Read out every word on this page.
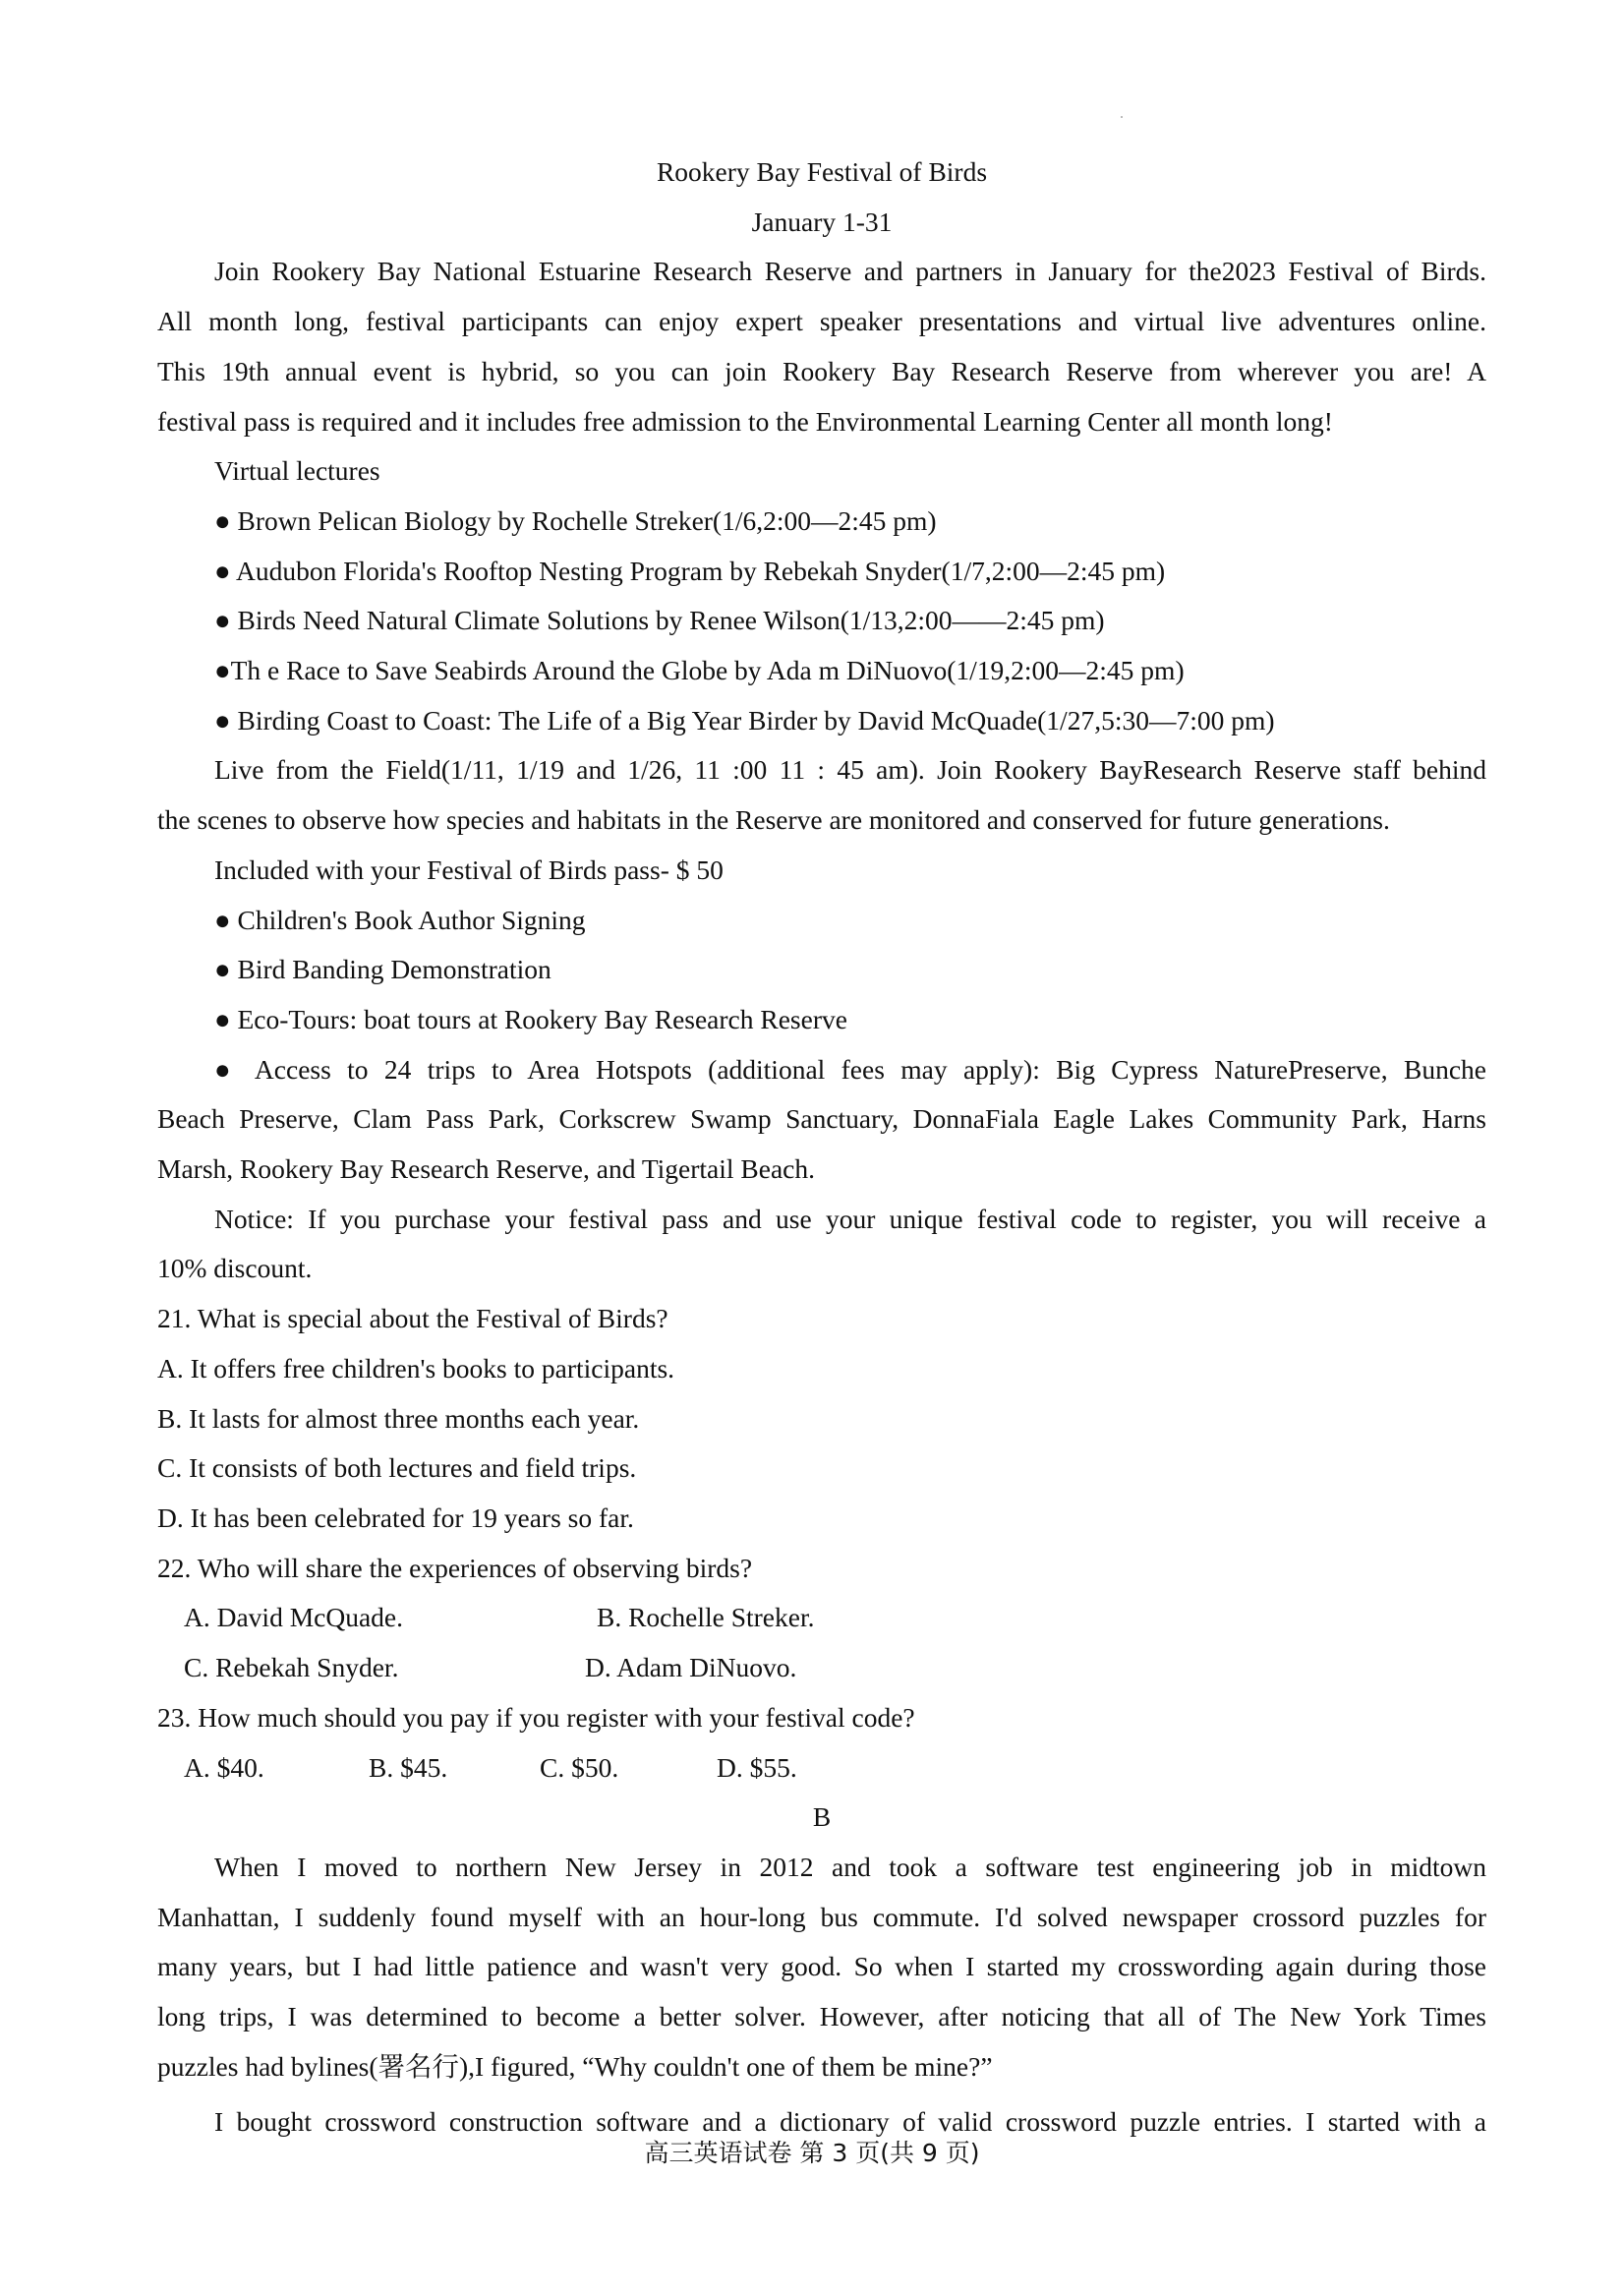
Rookery Bay Festival of Birds
January 1-31
Join Rookery Bay National Estuarine Research Reserve and partners in January for the2023 Festival of Birds.
All month long, festival participants can enjoy expert speaker presentations and virtual live adventures online.
This 19th annual event is hybrid, so you can join Rookery Bay Research Reserve from wherever you are! A
festival pass is required and it includes free admission to the Environmental Learning Center all month long!
Virtual lectures
● Brown Pelican Biology by Rochelle Streker(1/6,2:00—2:45 pm)
● Audubon Florida's Rooftop Nesting Program by Rebekah Snyder(1/7,2:00—2:45 pm)
● Birds Need Natural Climate Solutions by Renee Wilson(1/13,2:00——2:45 pm)
●Th e Race to Save Seabirds Around the Globe by Ada m DiNuovo(1/19,2:00—2:45 pm)
● Birding Coast to Coast: The Life of a Big Year Birder by David McQuade(1/27,5:30—7:00 pm)
Live from the Field(1/11, 1/19 and 1/26, 11 :00 11 : 45 am). Join Rookery BayResearch Reserve staff behind
the scenes to observe how species and habitats in the Reserve are monitored and conserved for future generations.
Included with your Festival of Birds pass- $ 50
● Children's Book Author Signing
● Bird Banding Demonstration
● Eco-Tours: boat tours at Rookery Bay Research Reserve
● Access to 24 trips to Area Hotspots (additional fees may apply): Big Cypress NaturePreserve, Bunche
Beach Preserve, Clam Pass Park, Corkscrew Swamp Sanctuary, DonnaFiala Eagle Lakes Community Park, Harns
Marsh, Rookery Bay Research Reserve, and Tigertail Beach.
Notice: If you purchase your festival pass and use your unique festival code to register, you will receive a
10% discount.
21. What is special about the Festival of Birds?
A. It offers free children's books to participants.
B. It lasts for almost three months each year.
C. It consists of both lectures and field trips.
D. It has been celebrated for 19 years so far.
22. Who will share the experiences of observing birds?
A. David McQuade.	B. Rochelle Streker.
C. Rebekah Snyder.	D. Adam DiNuovo.
23. How much should you pay if you register with your festival code?
A. $40.	B. $45.	C. $50.	D. $55.
B
When I moved to northern New Jersey in 2012 and took a software test engineering job in midtown
Manhattan, I suddenly found myself with an hour-long bus commute. I'd solved newspaper crossord puzzles for
many years, but I had little patience and wasn't very good. So when I started my crosswording again during those
long trips, I was determined to become a better solver. However, after noticing that all of The New York Times
puzzles had bylines(署名行),I figured, “Why couldn't one of them be mine?”
I bought crossword construction software and a dictionary of valid crossword puzzle entries. I started with a
高三英语试卷 第 3 页(共 9 页)
